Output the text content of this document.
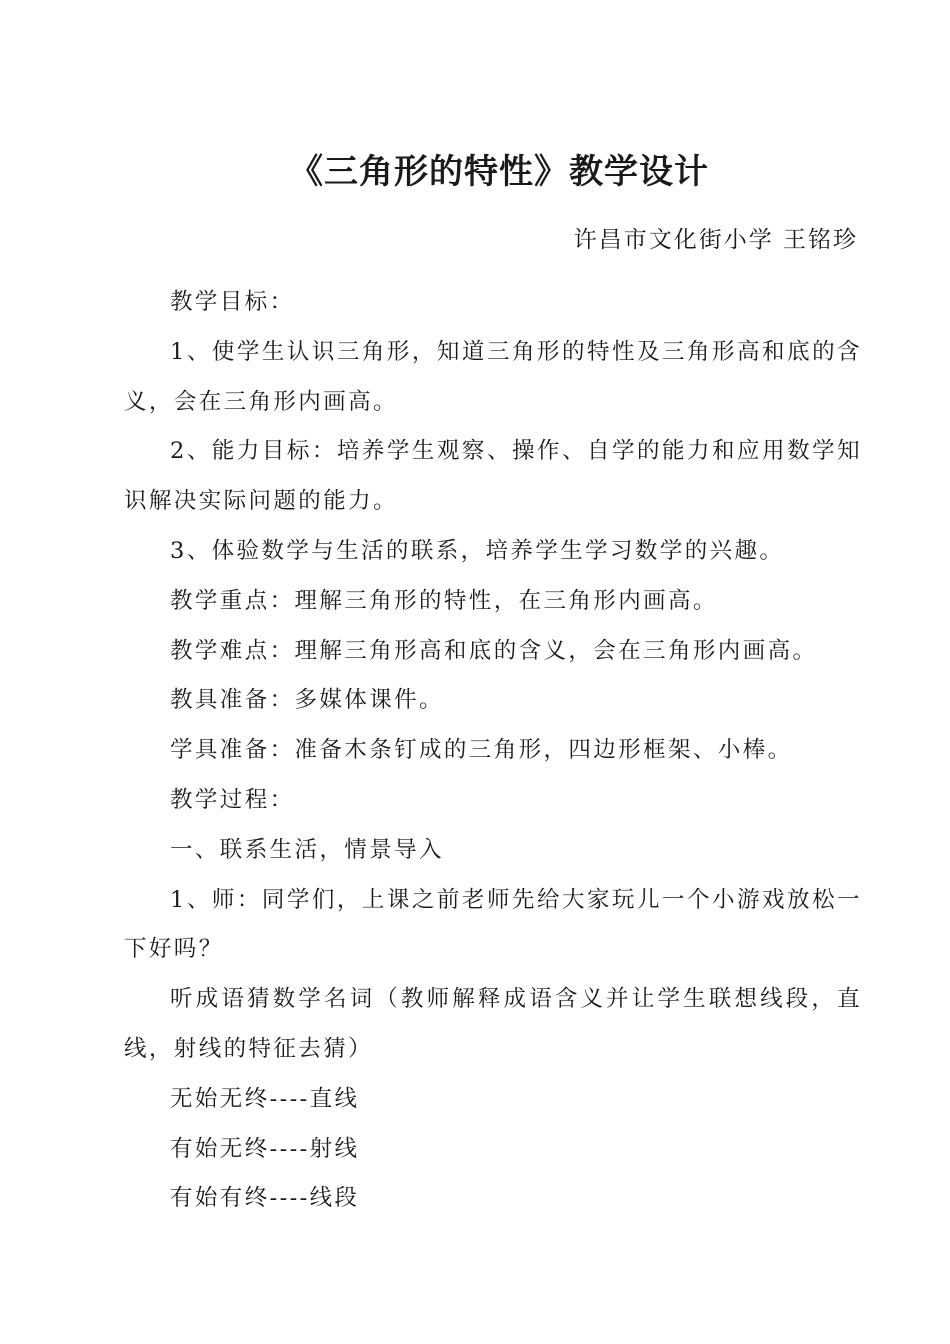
《三角形的特性》教学设计
许昌市文化街小学 王铭珍

教学目标：

1、使学生认识三角形，知道三角形的特性及三角形高和底的含义，会在三角形内画高。

2、能力目标：培养学生观察、操作、自学的能力和应用数学知识解决实际问题的能力。

3、体验数学与生活的联系，培养学生学习数学的兴趣。

教学重点：理解三角形的特性，在三角形内画高。

教学难点：理解三角形高和底的含义，会在三角形内画高。

教具准备：多媒体课件。

学具准备：准备木条钉成的三角形，四边形框架、小棒。

教学过程：

一、联系生活，情景导入

1、师：同学们，上课之前老师先给大家玩儿一个小游戏放松一下好吗？

听成语猜数学名词（教师解释成语含义并让学生联想线段，直线，射线的特征去猜）

无始无终----直线

有始无终----射线

有始有终----线段
